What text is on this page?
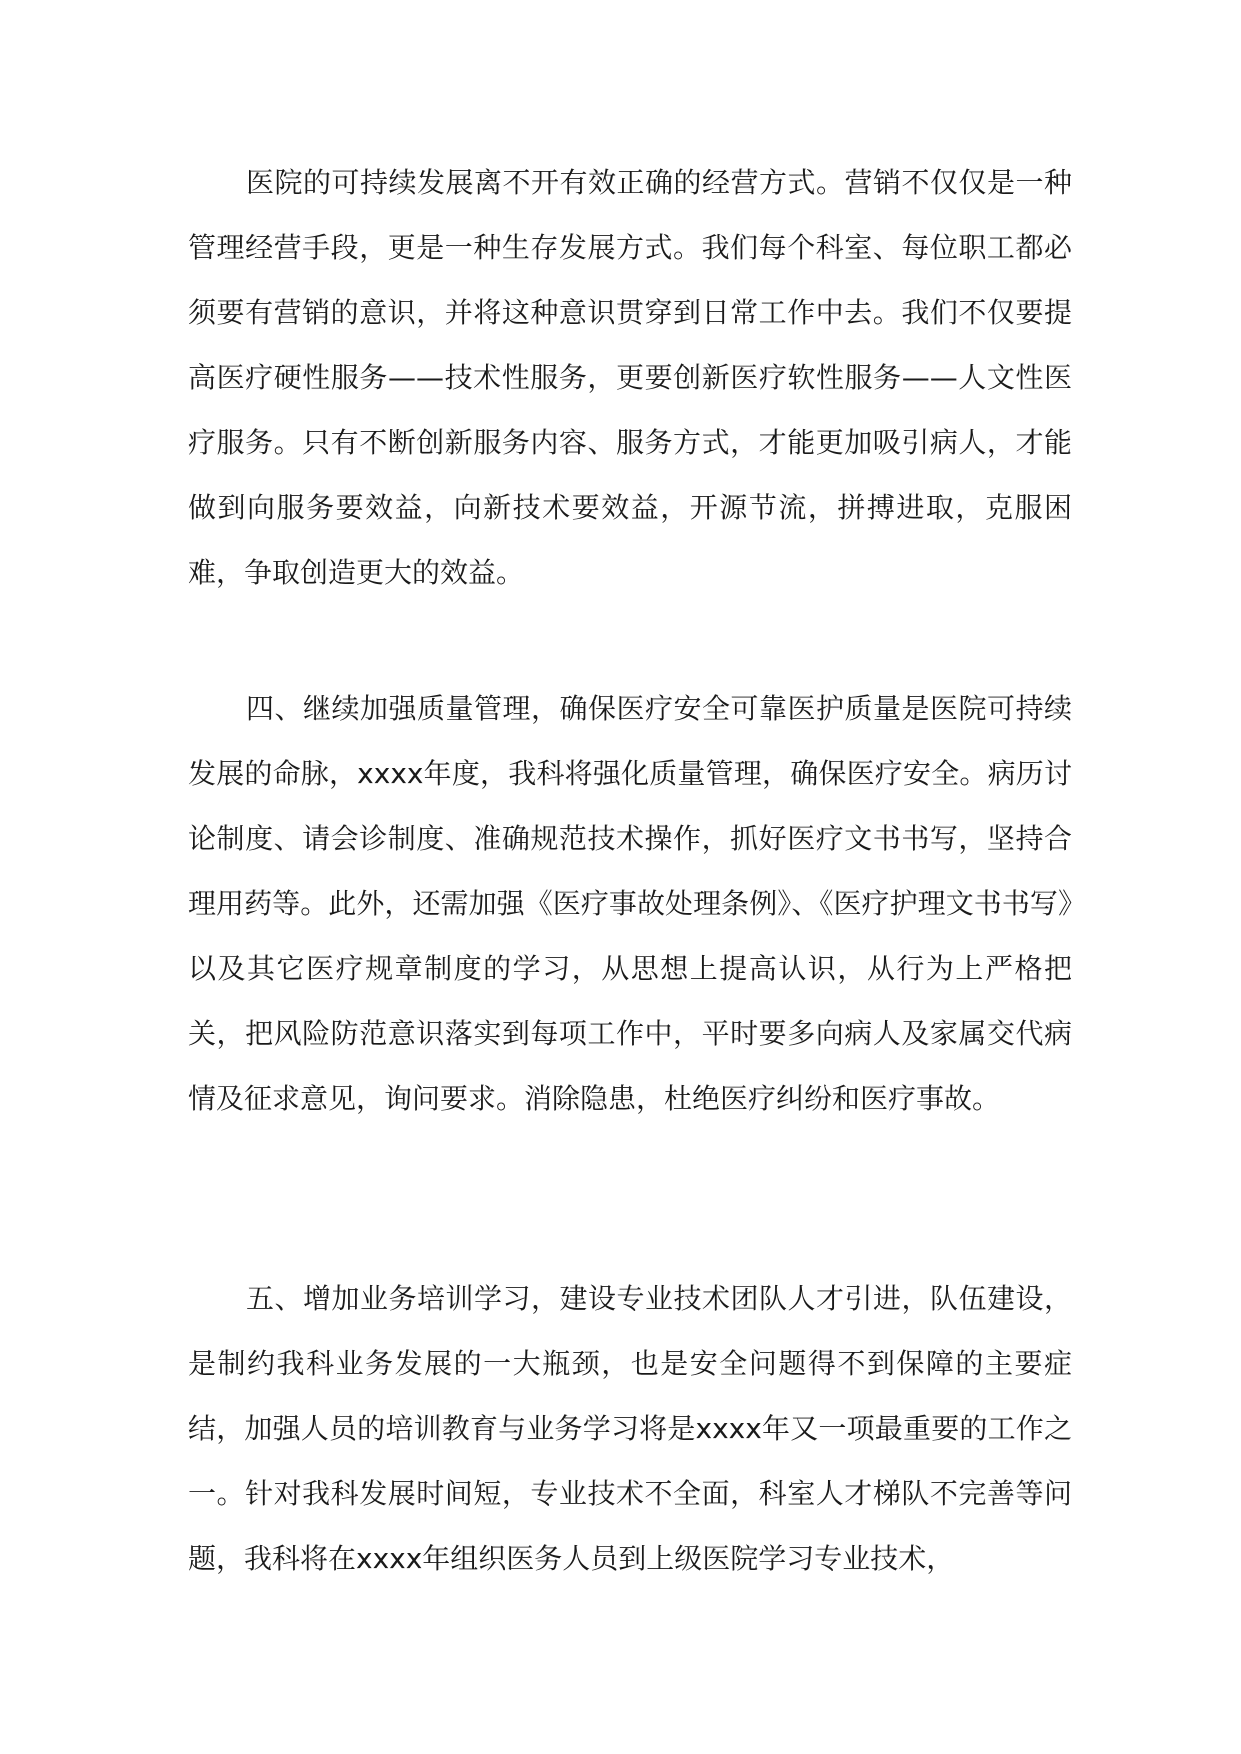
医院的可持续发展离不开有效正确的经营方式。营销不仅仅是一种管理经营手段，更是一种生存发展方式。我们每个科室、每位职工都必须要有营销的意识，并将这种意识贯穿到日常工作中去。我们不仅要提高医疗硬性服务——技术性服务，更要创新医疗软性服务——人文性医疗服务。只有不断创新服务内容、服务方式，才能更加吸引病人，才能做到向服务要效益，向新技术要效益，开源节流，拼搏进取，克服困难，争取创造更大的效益。

四、继续加强质量管理，确保医疗安全可靠医护质量是医院可持续发展的命脉，xxxx年度，我科将强化质量管理，确保医疗安全。病历讨论制度、请会诊制度、准确规范技术操作，抓好医疗文书书写，坚持合理用药等。此外，还需加强《医疗事故处理条例》、《医疗护理文书书写》以及其它医疗规章制度的学习，从思想上提高认识，从行为上严格把关，把风险防范意识落实到每项工作中，平时要多向病人及家属交代病情及征求意见，询问要求。消除隐患，杜绝医疗纠纷和医疗事故。

五、增加业务培训学习，建设专业技术团队人才引进，队伍建设，是制约我科业务发展的一大瓶颈，也是安全问题得不到保障的主要症结，加强人员的培训教育与业务学习将是xxxx年又一项最重要的工作之一。针对我科发展时间短，专业技术不全面，科室人才梯队不完善等问题，我科将在xxxx年组织医务人员到上级医院学习专业技术，
